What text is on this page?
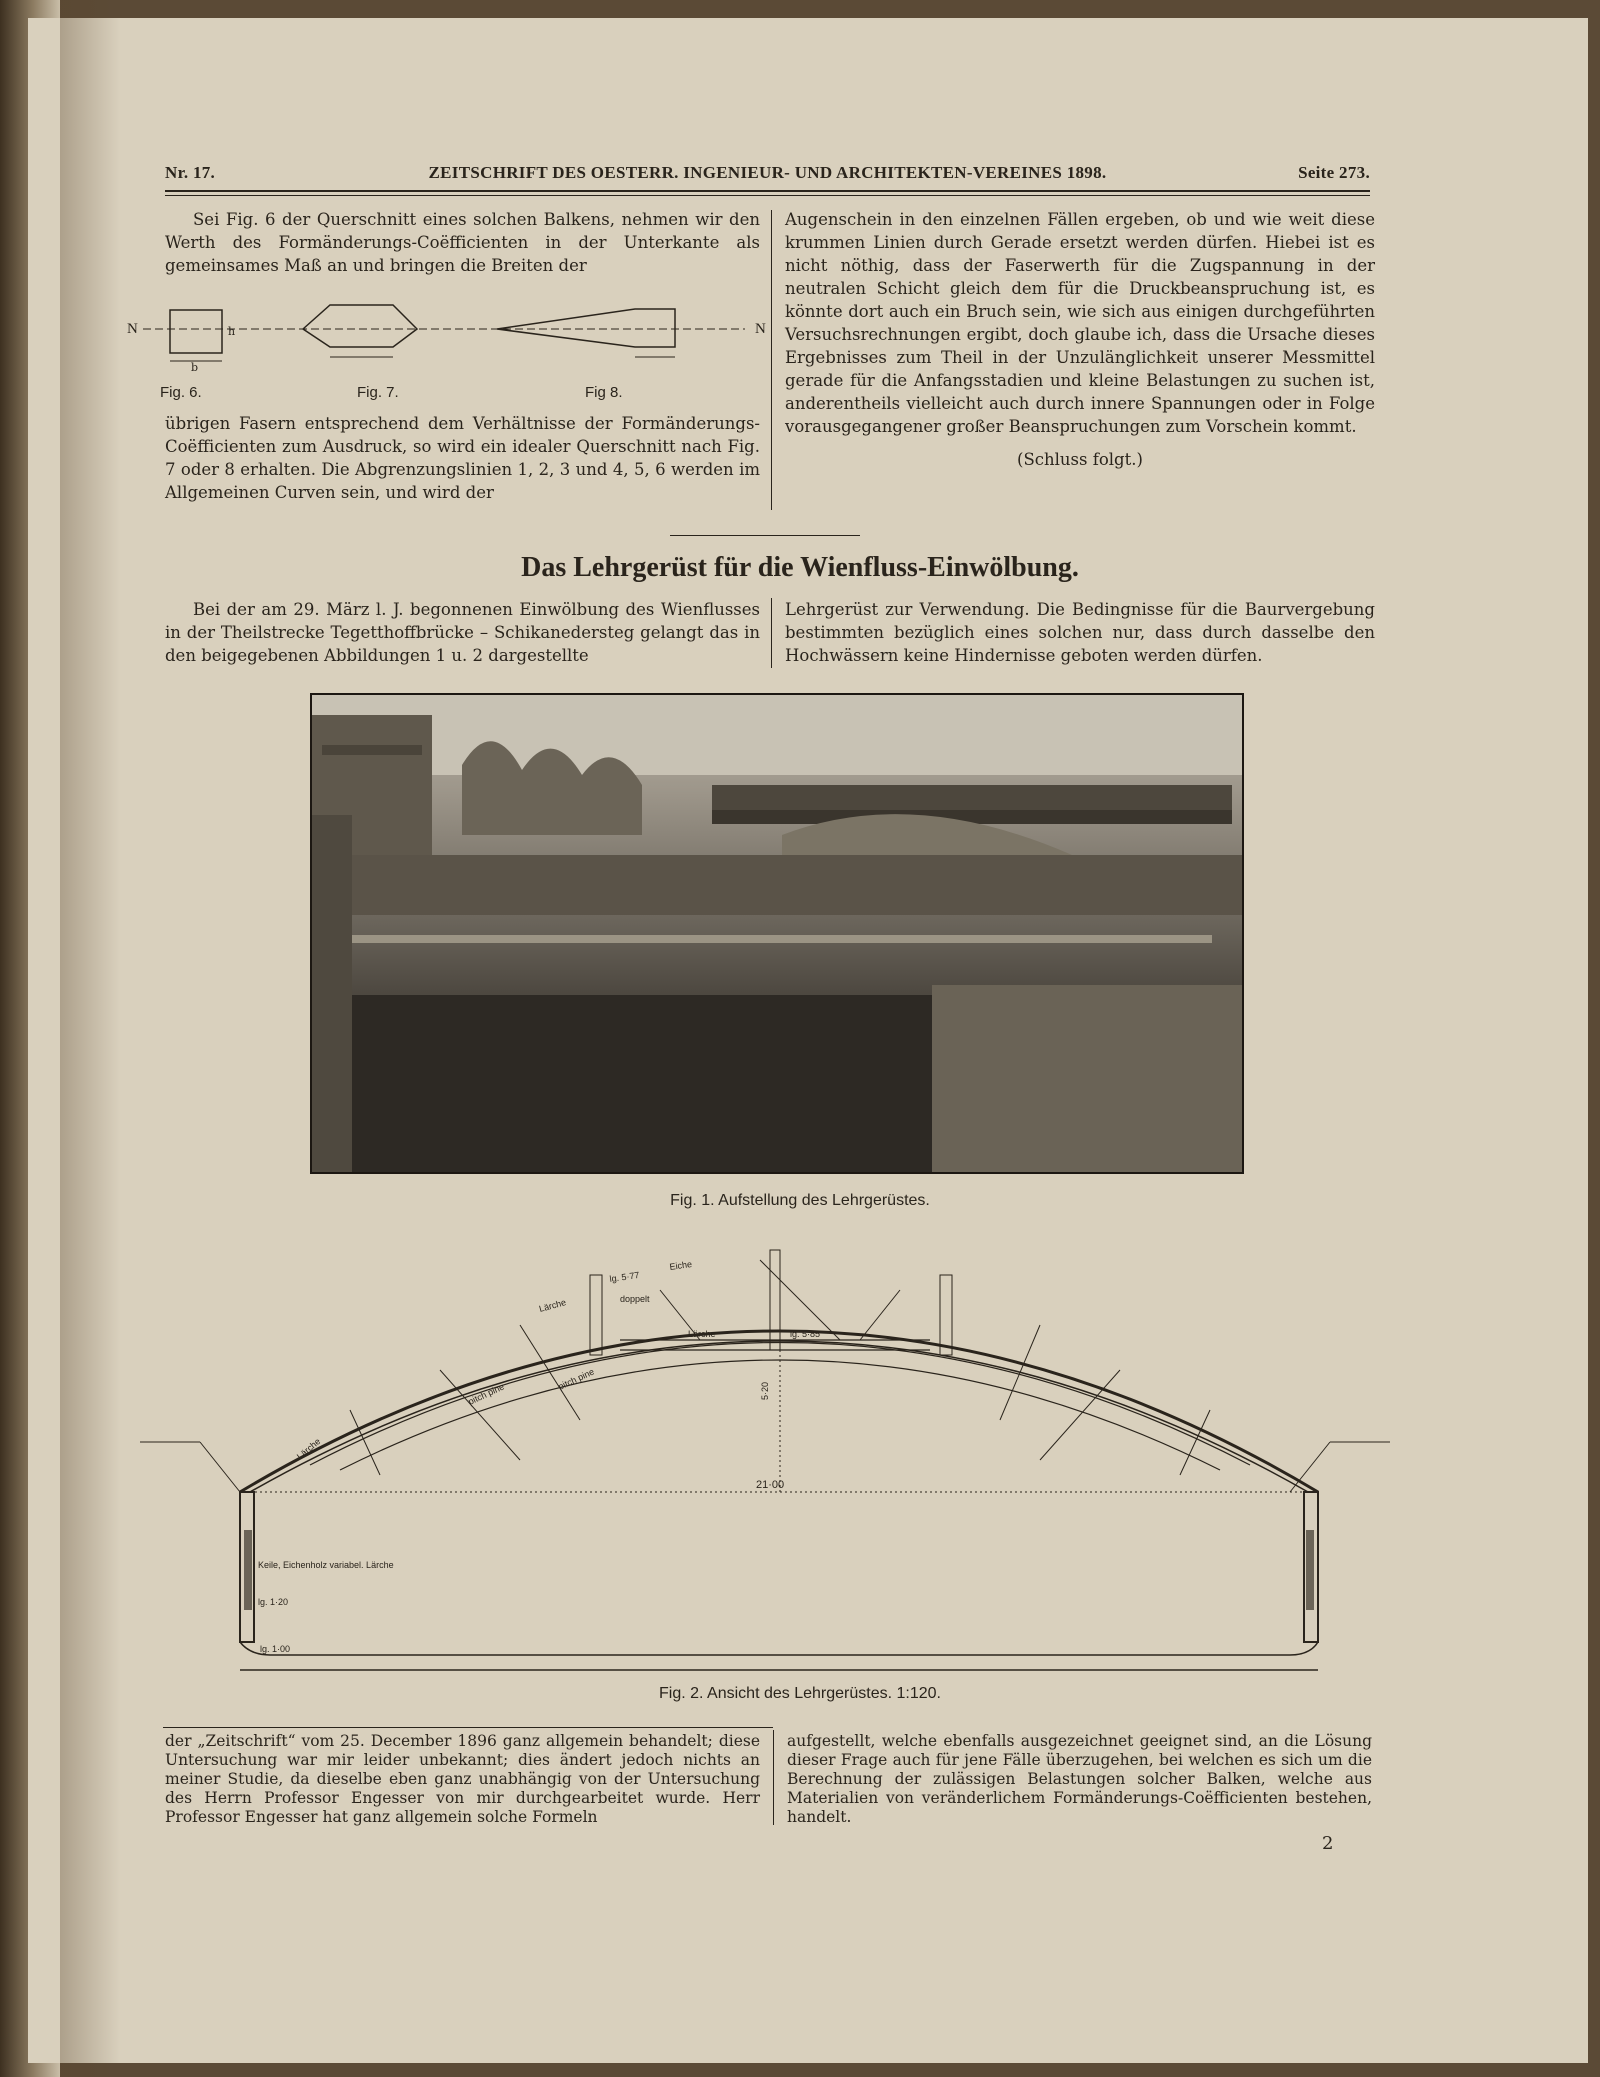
Nr. 17.	ZEITSCHRIFT DES OESTERR. INGENIEUR- UND ARCHITEKTEN-VEREINES 1898.	Seite 273.

Sei Fig. 6 der Querschnitt eines solchen Balkens, nehmen wir den Werth des Formänderungs-Coëfficienten in der Unterkante als gemeinsames Maß an und bringen die Breiten der

N
b
h	N
Fig. 6.	Fig. 7.	Fig 8.

übrigen Fasern entsprechend dem Verhältnisse der Formänderungs-Coëfficienten zum Ausdruck, so wird ein idealer Querschnitt nach Fig. 7 oder 8 erhalten. Die Abgrenzungslinien 1, 2, 3 und 4, 5, 6 werden im Allgemeinen Curven sein, und wird der

Augenschein in den einzelnen Fällen ergeben, ob und wie weit diese krummen Linien durch Gerade ersetzt werden dürfen. Hiebei ist es nicht nöthig, dass der Faserwerth für die Zugspannung in der neutralen Schicht gleich dem für die Druckbeanspruchung ist, es könnte dort auch ein Bruch sein, wie sich aus einigen durchgeführten Versuchsrechnungen ergibt, doch glaube ich, dass die Ursache dieses Ergebnisses zum Theil in der Unzulänglichkeit unserer Messmittel gerade für die Anfangsstadien und kleine Belastungen zu suchen ist, anderentheils vielleicht auch durch innere Spannungen oder in Folge vorausgegangener großer Beanspruchungen zum Vorschein kommt.

(Schluss folgt.)

Das Lehrgerüst für die Wienfluss-Einwölbung.

Bei der am 29. März l. J. begonnenen Einwölbung des Wienflusses in der Theilstrecke Tegetthoffbrücke – Schikanedersteg gelangt das in den beigegebenen Abbildungen 1 u. 2 dargestellte

Lehrgerüst zur Verwendung. Die Bedingnisse für die Baurvergebung bestimmten bezüglich eines solchen nur, dass durch dasselbe den Hochwässern keine Hindernisse geboten werden dürfen.

Fig. 1. Aufstellung des Lehrgerüstes.
5·20
21·00
Lärche
Lärche
Lärche
pitch pine
pitch pine
lg. 5·77
Eiche
lg. 5·85
doppelt
Keile, Eichenholz variabel. Lärche
lg. 1·20
lg. 1·00
Fig. 2. Ansicht des Lehrgerüstes. 1:120.

der „Zeitschrift“ vom 25. December 1896 ganz allgemein behandelt; diese Untersuchung war mir leider unbekannt; dies ändert jedoch nichts an meiner Studie, da dieselbe eben ganz unabhängig von der Untersuchung des Herrn Professor Engesser von mir durchgearbeitet wurde. Herr Professor Engesser hat ganz allgemein solche Formeln

aufgestellt, welche ebenfalls ausgezeichnet geeignet sind, an die Lösung dieser Frage auch für jene Fälle überzugehen, bei welchen es sich um die Berechnung der zulässigen Belastungen solcher Balken, welche aus Materialien von veränderlichem Formänderungs-Coëfficienten bestehen, handelt.

2
